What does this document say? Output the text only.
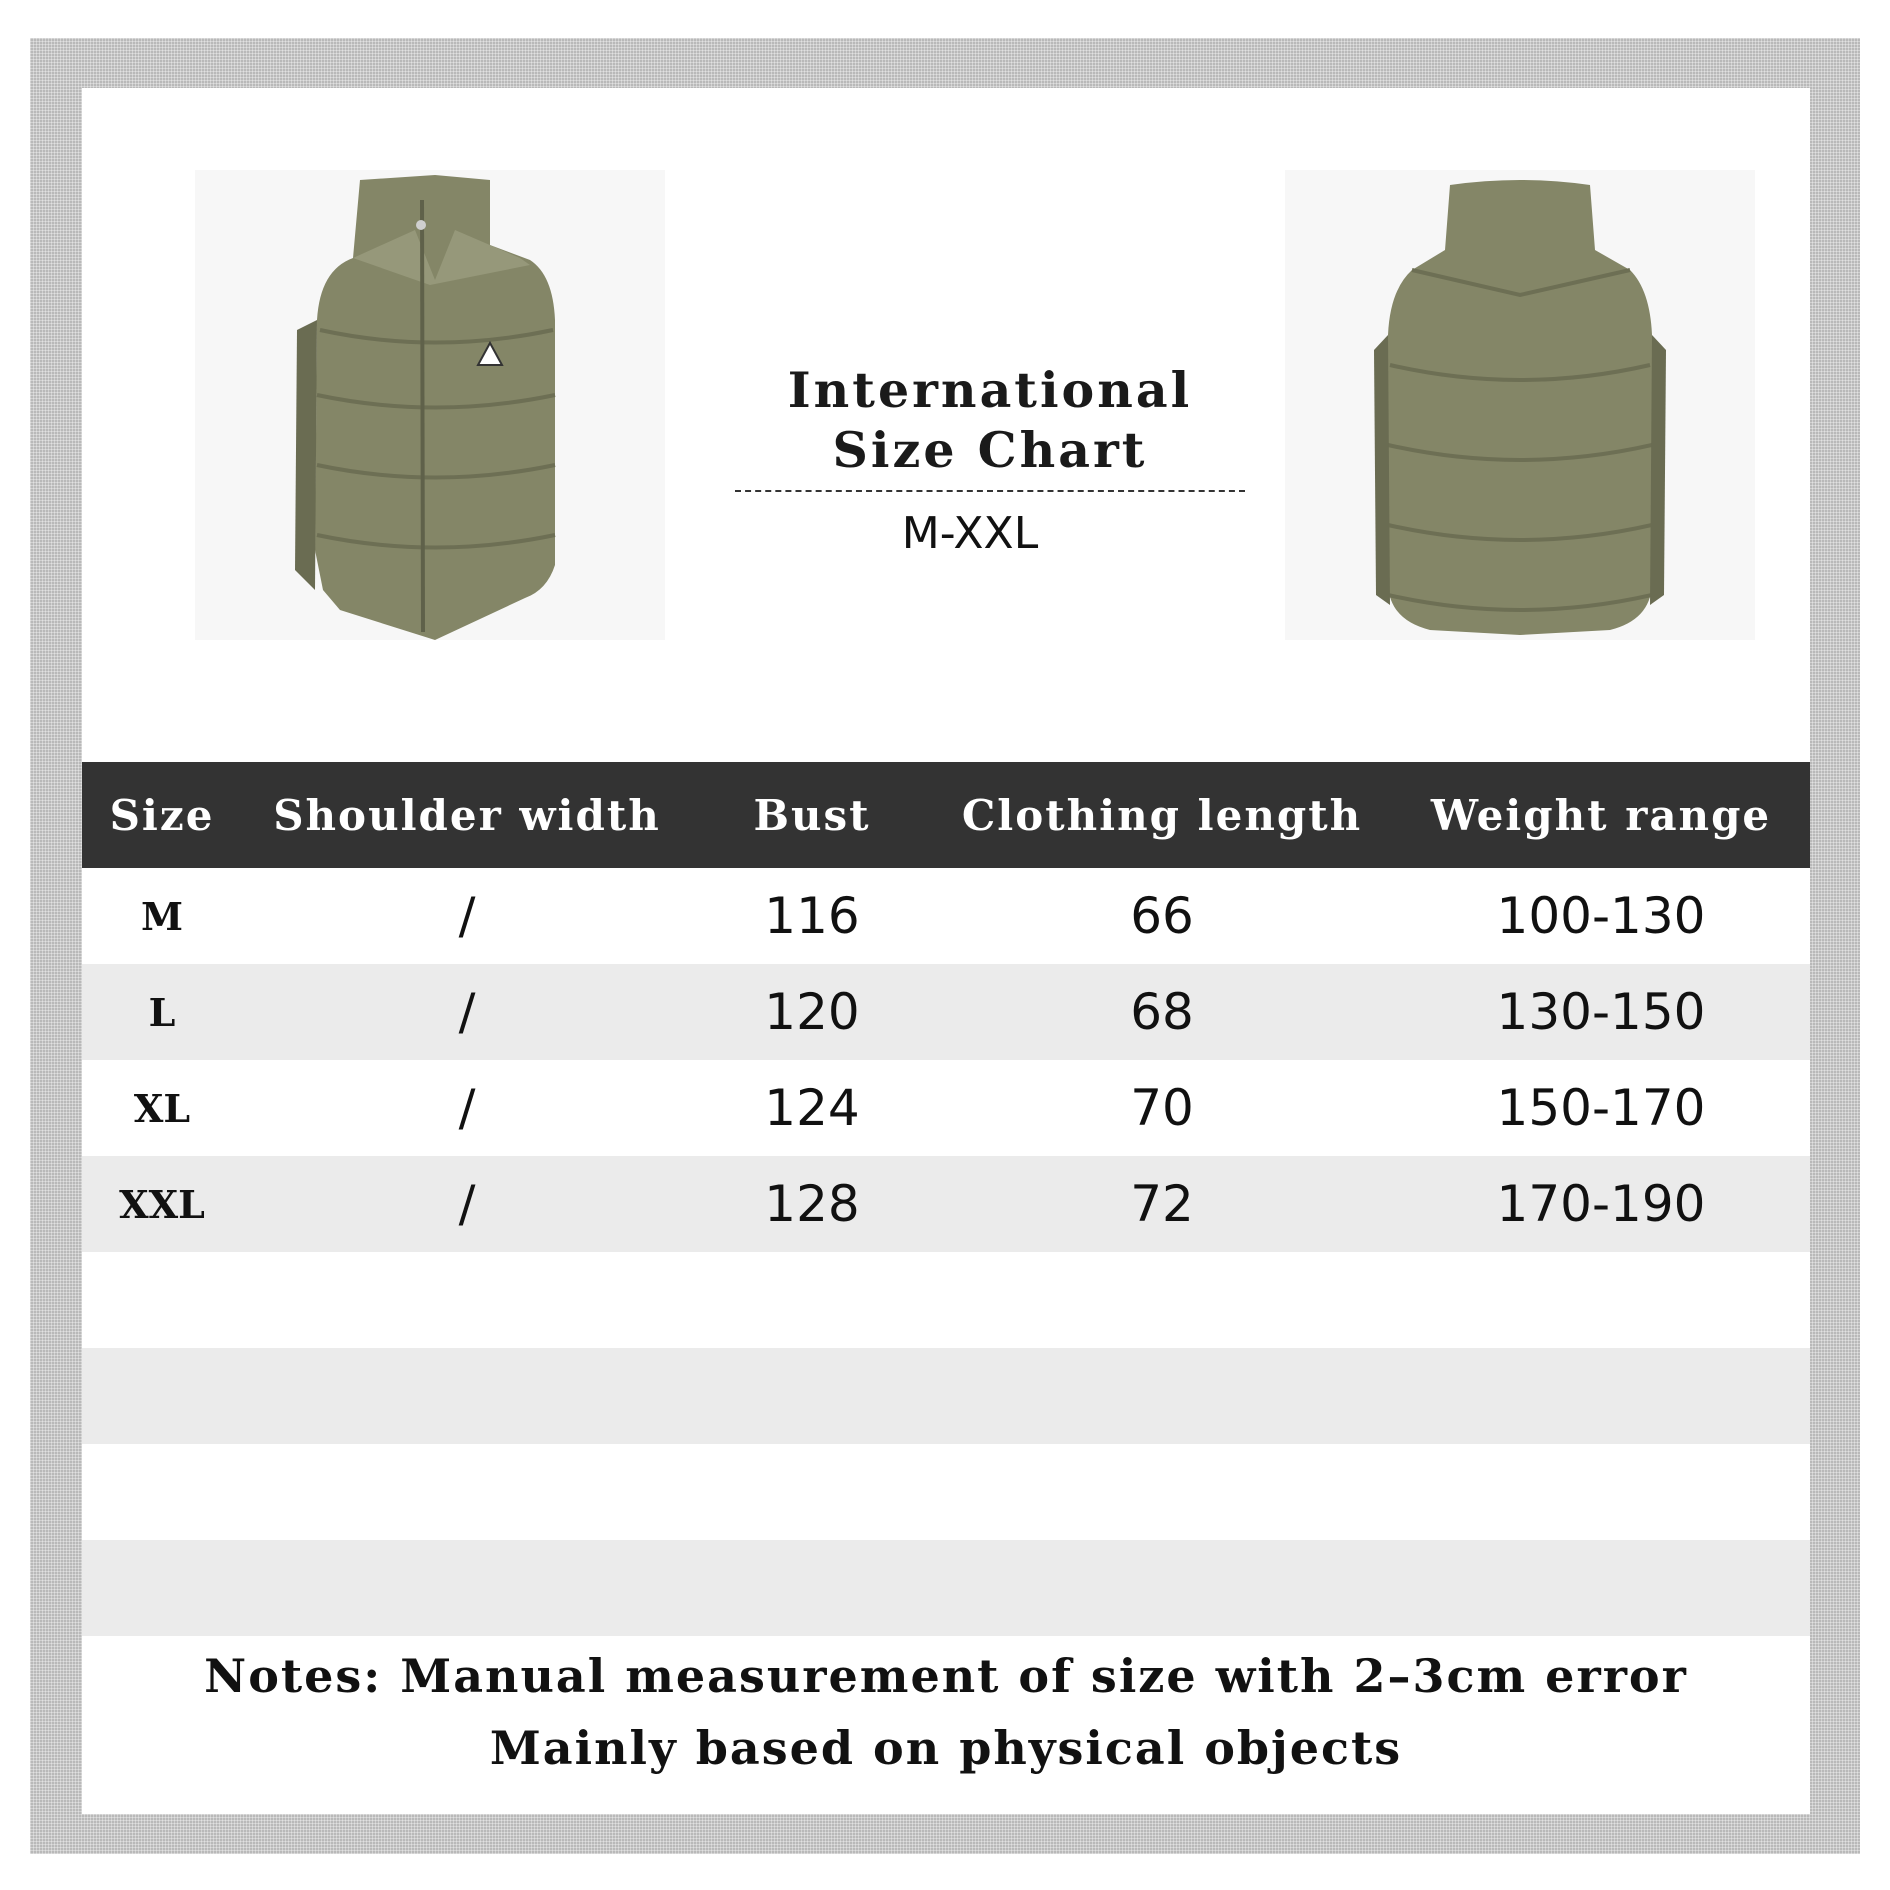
International
Size Chart
M-XXL
Size	Shoulder width	Bust	Clothing length	Weight range
M	/	116	66	100-130
L	/	120	68	130-150
XL	/	124	70	150-170
XXL	/	128	72	170-190

Notes: Manual measurement of size with 2–3cm error
Mainly based on physical objects
